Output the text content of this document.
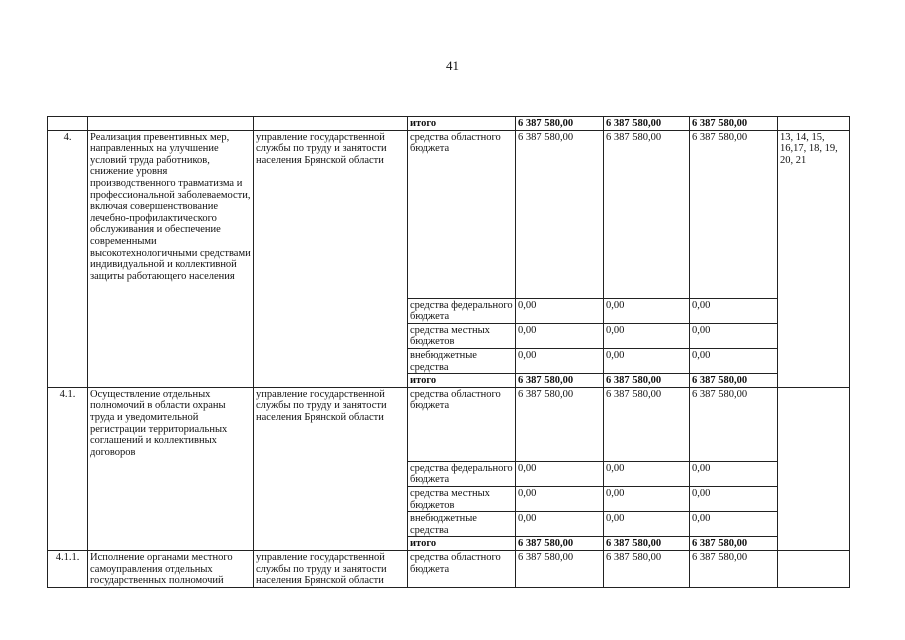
41
			итого	6 387 580,00	6 387 580,00	6 387 580,00	
4.	Реализация превентивных мер, направленных на улучшение условий труда работников, снижение уровня производственного травматизма и профессиональной заболеваемости, включая совершенствование лечебно-профилактического обслуживания и обеспечение современными высокотехнологичными средствами индивидуальной и коллективной защиты работающего населения	управление государственной службы по труду и занятости населения Брянской области	средства областного бюджета	6 387 580,00	6 387 580,00	6 387 580,00	13, 14, 15, 16,17, 18, 19, 20, 21
			средства федерального бюджета	0,00	0,00	0,00	
			средства местных бюджетов	0,00	0,00	0,00	
			внебюджетные средства	0,00	0,00	0,00	
			итого	6 387 580,00	6 387 580,00	6 387 580,00	
4.1.	Осуществление отдельных полномочий в области охраны труда и уведомительной регистрации территориальных соглашений и коллективных договоров	управление государственной службы по труду и занятости населения Брянской области	средства областного бюджета	6 387 580,00	6 387 580,00	6 387 580,00	
			средства федерального бюджета	0,00	0,00	0,00	
			средства местных бюджетов	0,00	0,00	0,00	
			внебюджетные средства	0,00	0,00	0,00	
			итого	6 387 580,00	6 387 580,00	6 387 580,00	
4.1.1.	Исполнение органами местного самоуправления отдельных государственных полномочий	управление государственной службы по труду и занятости населения Брянской области	средства областного бюджета	6 387 580,00	6 387 580,00	6 387 580,00	
